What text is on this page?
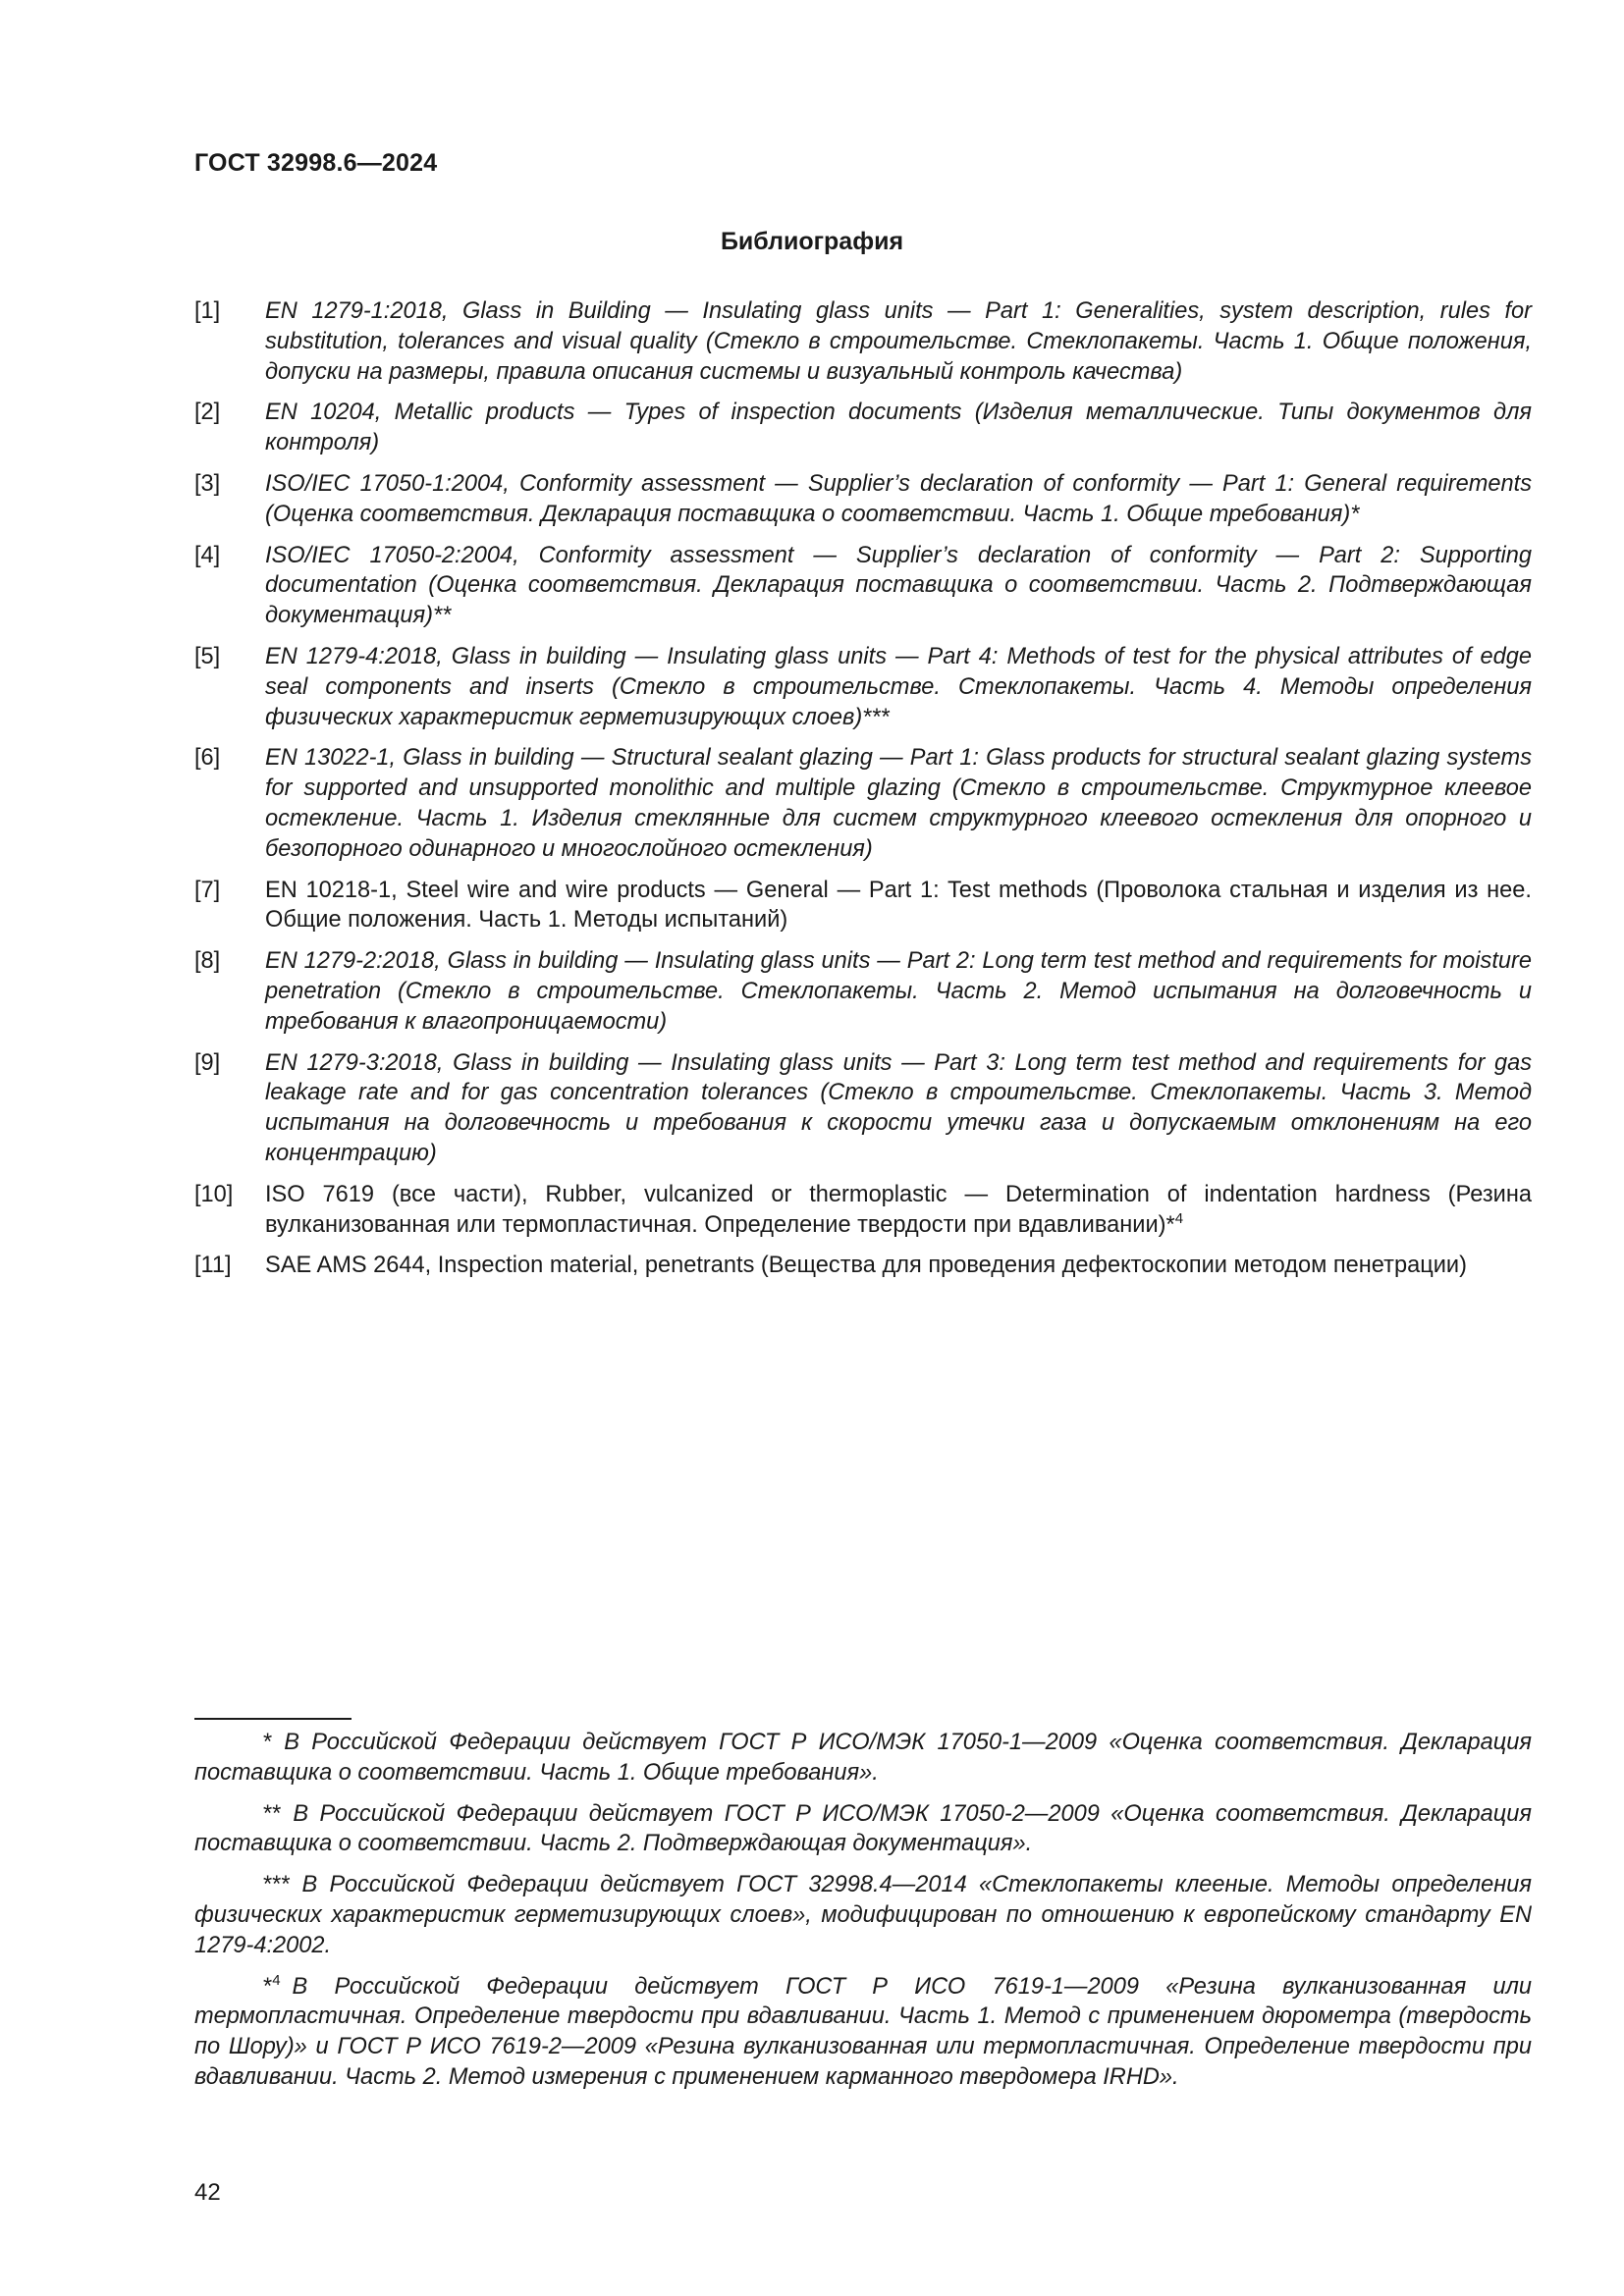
ГОСТ 32998.6—2024
Библиография
[1]	EN 1279-1:2018, Glass in Building — Insulating glass units — Part 1: Generalities, system description, rules for substitution, tolerances and visual quality (Стекло в строительстве. Стеклопакеты. Часть 1. Общие положения, допуски на размеры, правила описания системы и визуальный контроль качества)
[2]	EN 10204, Metallic products — Types of inspection documents (Изделия металлические. Типы документов для контроля)
[3]	ISO/IEC 17050-1:2004, Conformity assessment — Supplier’s declaration of conformity — Part 1: General requirements (Оценка соответствия. Декларация поставщика о соответствии. Часть 1. Общие требования)*
[4]	ISO/IEC 17050-2:2004, Conformity assessment — Supplier’s declaration of conformity — Part 2: Supporting documentation (Оценка соответствия. Декларация поставщика о соответствии. Часть 2. Подтверждающая документация)**
[5]	EN 1279-4:2018, Glass in building — Insulating glass units — Part 4: Methods of test for the physical attributes of edge seal components and inserts (Стекло в строительстве. Стеклопакеты. Часть 4. Методы определения физических характеристик герметизирующих слоев)***
[6]	EN 13022-1, Glass in building — Structural sealant glazing — Part 1: Glass products for structural sealant glazing systems for supported and unsupported monolithic and multiple glazing (Стекло в строительстве. Структурное клеевое остекление. Часть 1. Изделия стеклянные для систем структурного клеевого остекления для опорного и безопорного одинарного и многослойного остекления)
[7]	EN 10218-1, Steel wire and wire products — General — Part 1: Test methods (Проволока стальная и изделия из нее. Общие положения. Часть 1. Методы испытаний)
[8]	EN 1279-2:2018, Glass in building — Insulating glass units — Part 2: Long term test method and requirements for moisture penetration (Стекло в строительстве. Стеклопакеты. Часть 2. Метод испытания на долговечность и требования к влагопроницаемости)
[9]	EN 1279-3:2018, Glass in building — Insulating glass units — Part 3: Long term test method and requirements for gas leakage rate and for gas concentration tolerances (Стекло в строительстве. Стеклопакеты. Часть 3. Метод испытания на долговечность и требования к скорости утечки газа и допускаемым отклонениям на его концентрацию)
[10]	ISO 7619 (все части), Rubber, vulcanized or thermoplastic — Determination of indentation hardness (Резина вулканизованная или термопластичная. Определение твердости при вдавливании)*$^4$
[11]	SAE AMS 2644, Inspection material, penetrants (Вещества для проведения дефектоскопии методом пенетрации)
* В Российской Федерации действует ГОСТ Р ИСО/МЭК 17050-1—2009 «Оценка соответствия. Декларация поставщика о соответствии. Часть 1. Общие требования».
** В Российской Федерации действует ГОСТ Р ИСО/МЭК 17050-2—2009 «Оценка соответствия. Декларация поставщика о соответствии. Часть 2. Подтверждающая документация».
*** В Российской Федерации действует ГОСТ 32998.4—2014 «Стеклопакеты клееные. Методы определения физических характеристик герметизирующих слоев», модифицирован по отношению к европейскому стандарту EN 1279-4:2002.
*$^4$ В Российской Федерации действует ГОСТ Р ИСО 7619-1—2009 «Резина вулканизованная или термопластичная. Определение твердости при вдавливании. Часть 1. Метод с применением дюрометра (твердость по Шору)» и ГОСТ Р ИСО 7619-2—2009 «Резина вулканизованная или термопластичная. Определение твердости при вдавливании. Часть 2. Метод измерения с применением карманного твердомера IRHD».
42
